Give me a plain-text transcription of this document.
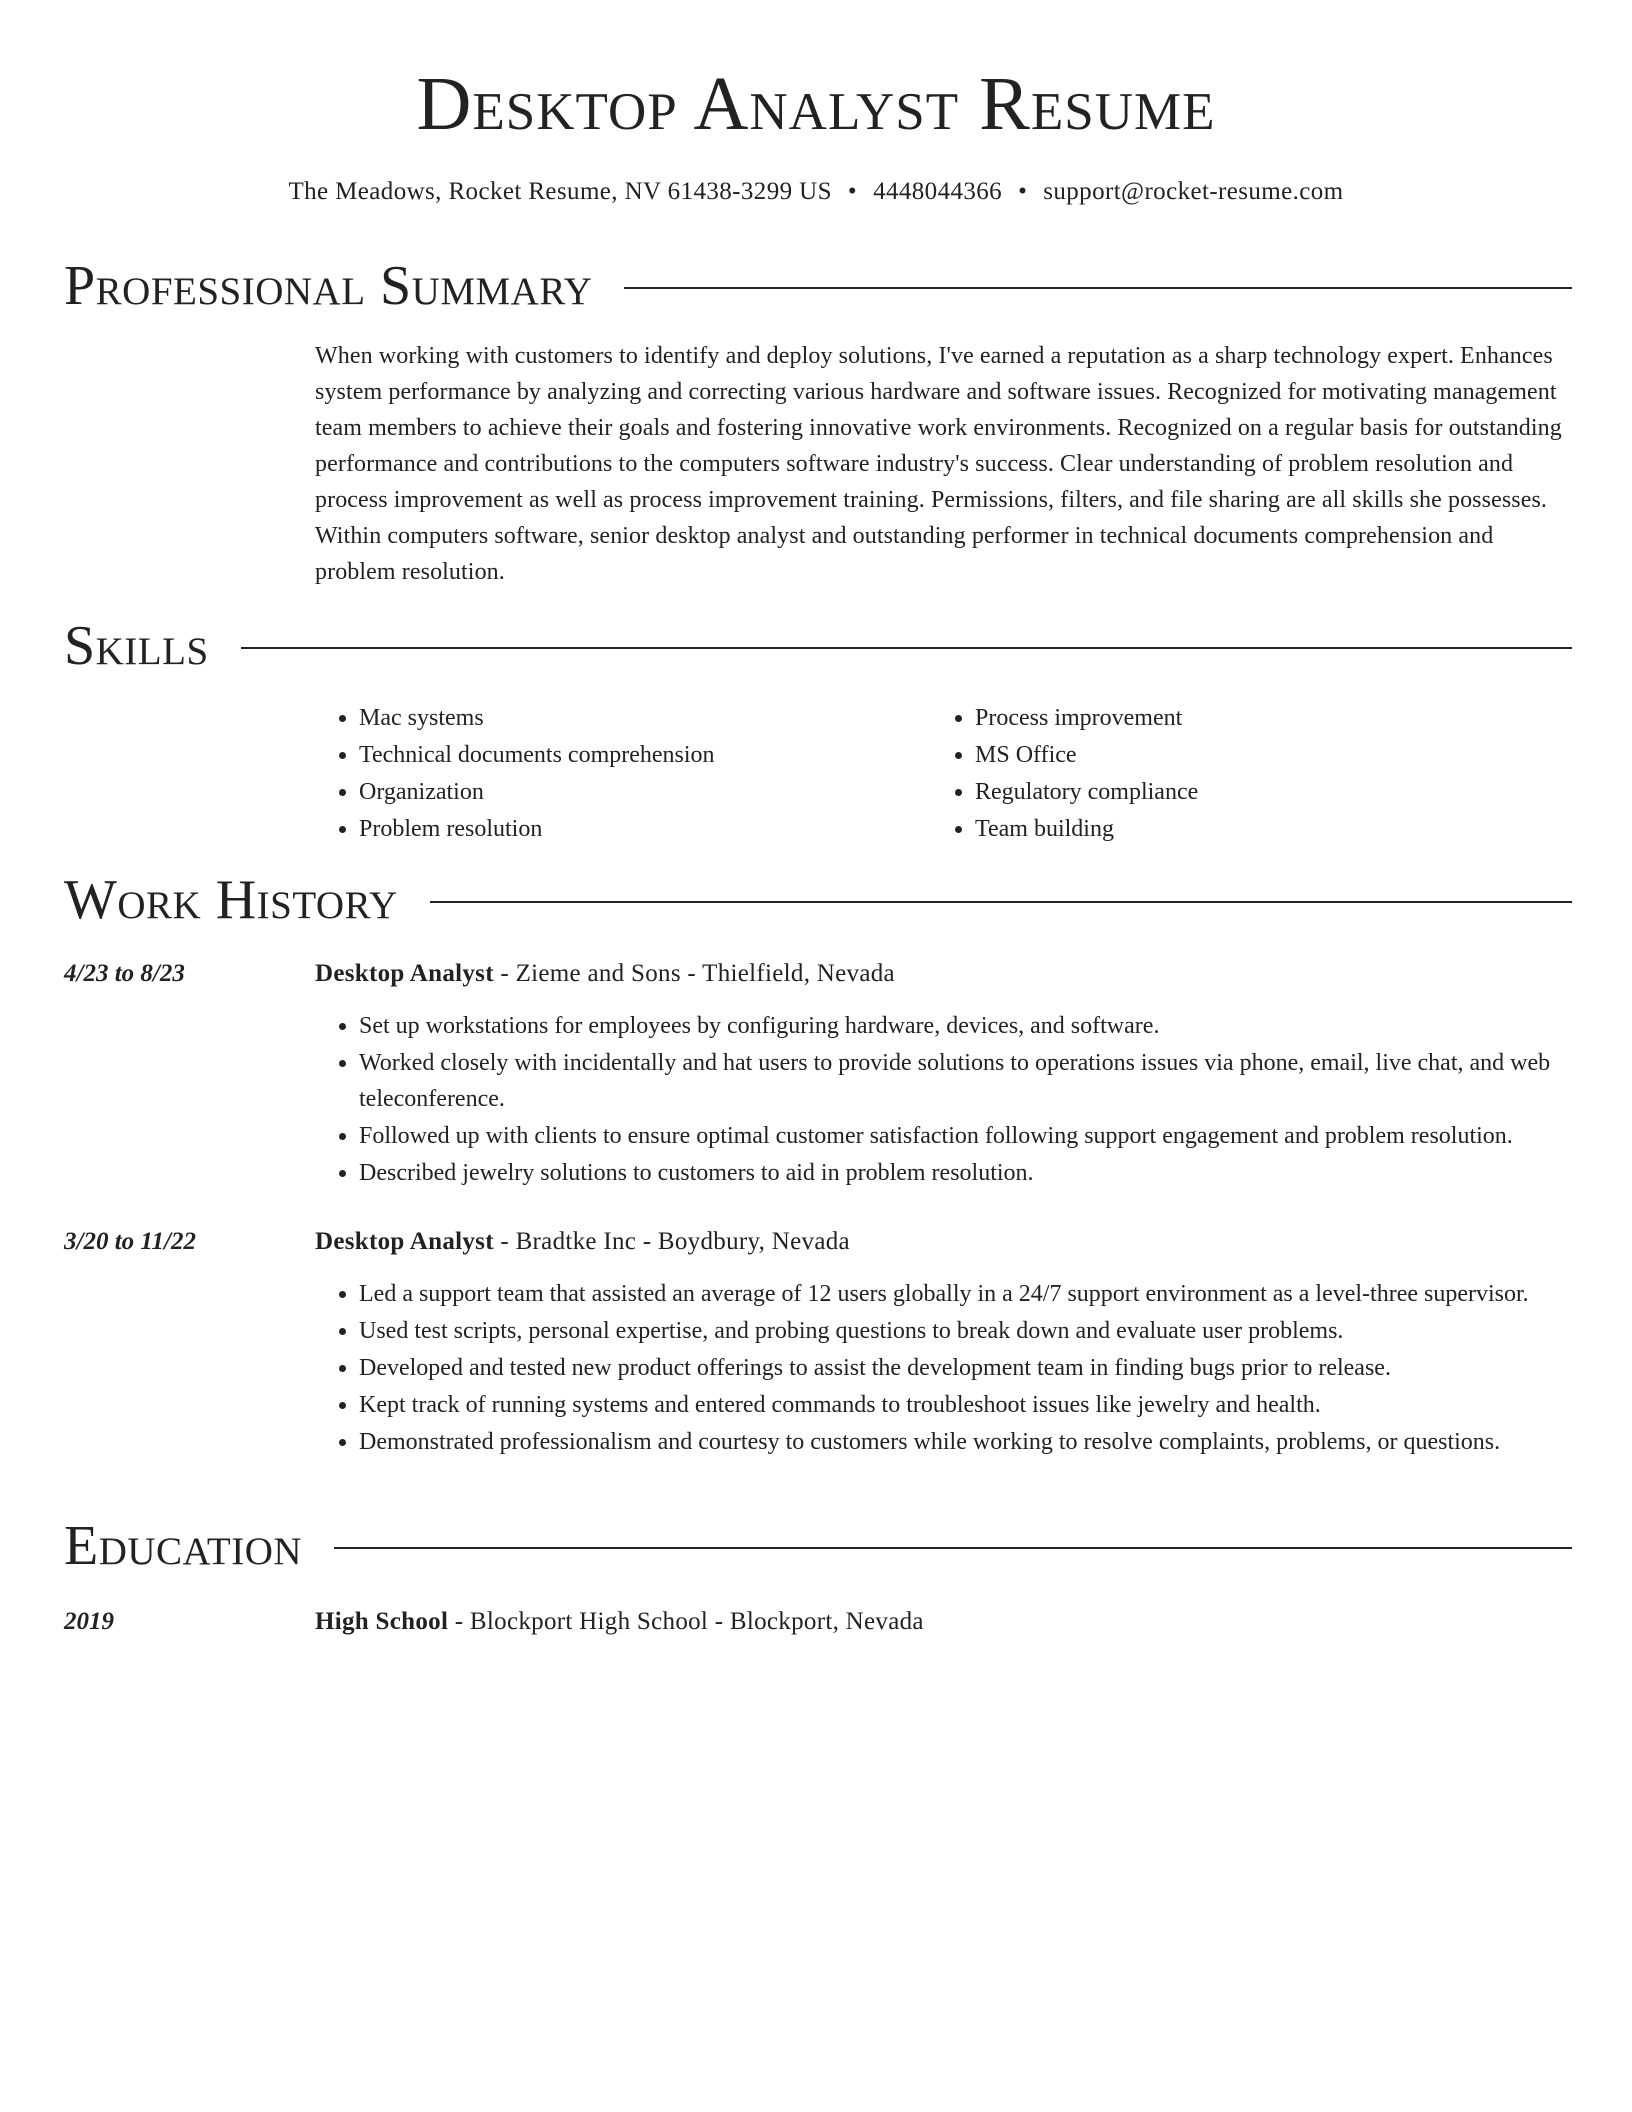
Desktop Analyst Resume
The Meadows, Rocket Resume, NV 61438-3299 US • 4448044366 • support@rocket-resume.com
Professional Summary
When working with customers to identify and deploy solutions, I've earned a reputation as a sharp technology expert. Enhances system performance by analyzing and correcting various hardware and software issues. Recognized for motivating management team members to achieve their goals and fostering innovative work environments. Recognized on a regular basis for outstanding performance and contributions to the computers software industry's success. Clear understanding of problem resolution and process improvement as well as process improvement training. Permissions, filters, and file sharing are all skills she possesses. Within computers software, senior desktop analyst and outstanding performer in technical documents comprehension and problem resolution.
Skills
• Mac systems
• Technical documents comprehension
• Organization
• Problem resolution
• Process improvement
• MS Office
• Regulatory compliance
• Team building
Work History
4/23 to 8/23	Desktop Analyst - Zieme and Sons - Thielfield, Nevada
• Set up workstations for employees by configuring hardware, devices, and software.
• Worked closely with incidentally and hat users to provide solutions to operations issues via phone, email, live chat, and web teleconference.
• Followed up with clients to ensure optimal customer satisfaction following support engagement and problem resolution.
• Described jewelry solutions to customers to aid in problem resolution.
3/20 to 11/22	Desktop Analyst - Bradtke Inc - Boydbury, Nevada
• Led a support team that assisted an average of 12 users globally in a 24/7 support environment as a level-three supervisor.
• Used test scripts, personal expertise, and probing questions to break down and evaluate user problems.
• Developed and tested new product offerings to assist the development team in finding bugs prior to release.
• Kept track of running systems and entered commands to troubleshoot issues like jewelry and health.
• Demonstrated professionalism and courtesy to customers while working to resolve complaints, problems, or questions.
Education
2019	High School - Blockport High School - Blockport, Nevada
